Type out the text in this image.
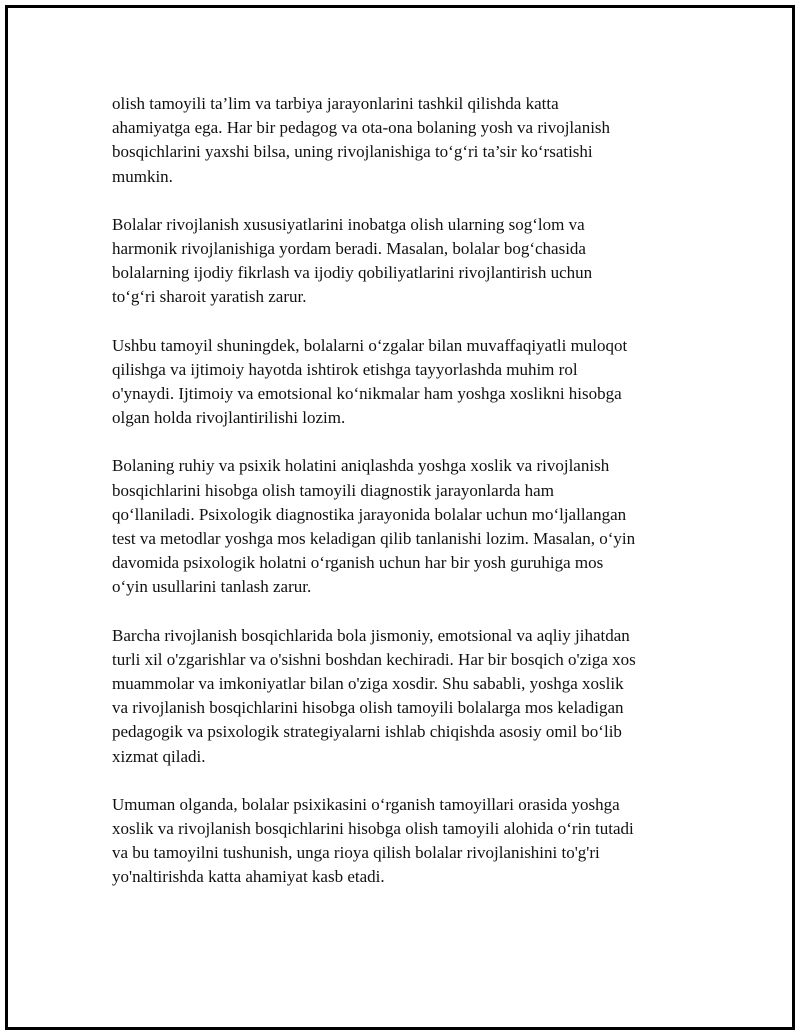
olish tamoyili ta’lim va tarbiya jarayonlarini tashkil qilishda katta
ahamiyatga ega. Har bir pedagog va ota-ona bolaning yosh va rivojlanish
bosqichlarini yaxshi bilsa, uning rivojlanishiga to‘g‘ri ta’sir ko‘rsatishi
mumkin.

Bolalar rivojlanish xususiyatlarini inobatga olish ularning sog‘lom va
harmonik rivojlanishiga yordam beradi. Masalan, bolalar bog‘chasida
bolalarning ijodiy fikrlash va ijodiy qobiliyatlarini rivojlantirish uchun
to‘g‘ri sharoit yaratish zarur.

Ushbu tamoyil shuningdek, bolalarni o‘zgalar bilan muvaffaqiyatli muloqot
qilishga va ijtimoiy hayotda ishtirok etishga tayyorlashda muhim rol
o'ynaydi. Ijtimoiy va emotsional ko‘nikmalar ham yoshga xoslikni hisobga
olgan holda rivojlantirilishi lozim.

Bolaning ruhiy va psixik holatini aniqlashda yoshga xoslik va rivojlanish
bosqichlarini hisobga olish tamoyili diagnostik jarayonlarda ham
qo‘llaniladi. Psixologik diagnostika jarayonida bolalar uchun mo‘ljallangan
test va metodlar yoshga mos keladigan qilib tanlanishi lozim. Masalan, o‘yin
davomida psixologik holatni o‘rganish uchun har bir yosh guruhiga mos
o‘yin usullarini tanlash zarur.

Barcha rivojlanish bosqichlarida bola jismoniy, emotsional va aqliy jihatdan
turli xil o'zgarishlar va o'sishni boshdan kechiradi. Har bir bosqich o'ziga xos
muammolar va imkoniyatlar bilan o'ziga xosdir. Shu sababli, yoshga xoslik
va rivojlanish bosqichlarini hisobga olish tamoyili bolalarga mos keladigan
pedagogik va psixologik strategiyalarni ishlab chiqishda asosiy omil bo‘lib
xizmat qiladi.

Umuman olganda, bolalar psixikasini o‘rganish tamoyillari orasida yoshga
xoslik va rivojlanish bosqichlarini hisobga olish tamoyili alohida o‘rin tutadi
va bu tamoyilni tushunish, unga rioya qilish bolalar rivojlanishini to'g'ri
yo'naltirishda katta ahamiyat kasb etadi.
